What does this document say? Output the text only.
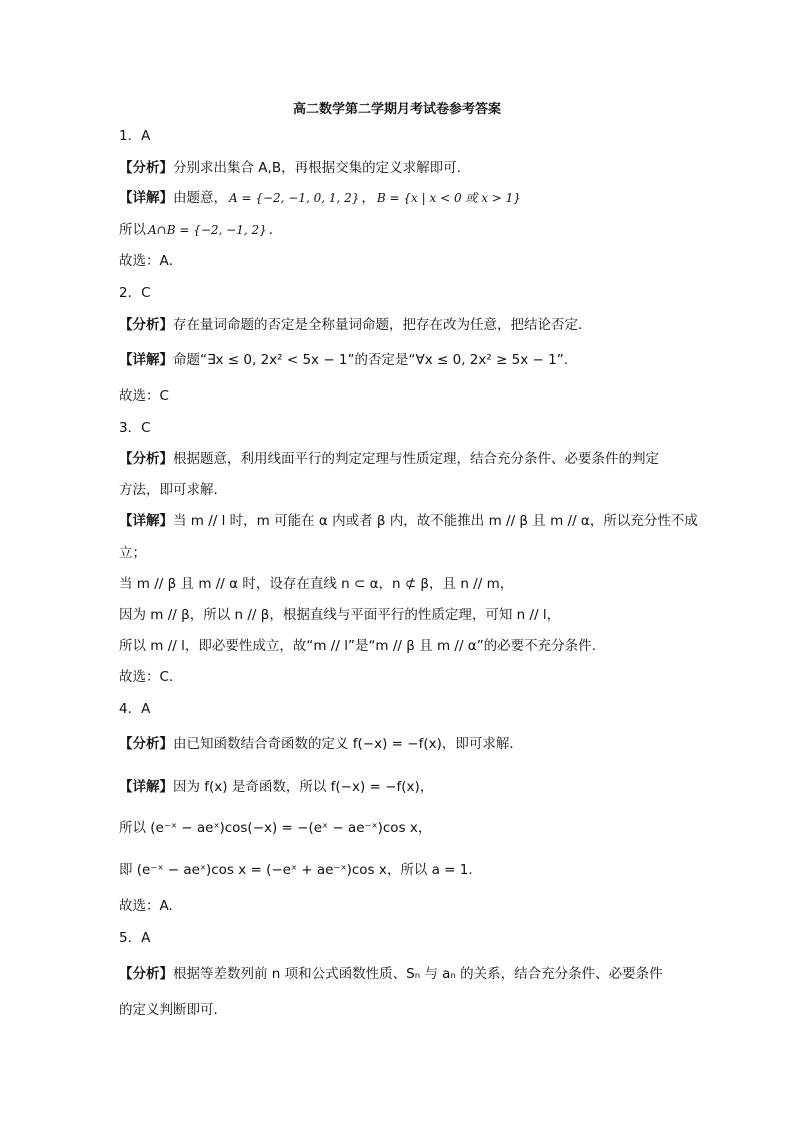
高二数学第二学期月考试卷参考答案
1．A
【分析】分别求出集合 A,B，再根据交集的定义求解即可.
【详解】由题意， A = {−2, −1, 0, 1, 2} ， B = {x | x < 0 或 x > 1}
所以 A∩B = {−2, −1, 2} .
故选：A．
2．C
【分析】存在量词命题的否定是全称量词命题，把存在改为任意，把结论否定.
【详解】命题“∃x ≤ 0, 2x² < 5x − 1”的否定是“∀x ≤ 0, 2x² ≥ 5x − 1”.
故选：C
3．C
【分析】根据题意，利用线面平行的判定定理与性质定理，结合充分条件、必要条件的判定
方法，即可求解.
【详解】当 m // l 时，m 可能在 α 内或者 β 内，故不能推出 m // β 且 m // α，所以充分性不成
立；
当 m // β 且 m // α 时，设存在直线 n ⊂ α，n ⊄ β，且 n // m，
因为 m // β，所以 n // β，根据直线与平面平行的性质定理，可知 n // l，
所以 m // l，即必要性成立，故“m // l”是“m // β 且 m // α”的必要不充分条件.
故选：C.
4．A
【分析】由已知函数结合奇函数的定义 f(−x) = −f(x)，即可求解．
【详解】因为 f(x) 是奇函数，所以 f(−x) = −f(x)，
所以 (e⁻ˣ − aeˣ)cos(−x) = −(eˣ − ae⁻ˣ)cos x，
即 (e⁻ˣ − aeˣ)cos x = (−eˣ + ae⁻ˣ)cos x，所以 a = 1.
故选：A.
5．A
【分析】根据等差数列前 n 项和公式函数性质、Sₙ 与 aₙ 的关系，结合充分条件、必要条件
的定义判断即可.
